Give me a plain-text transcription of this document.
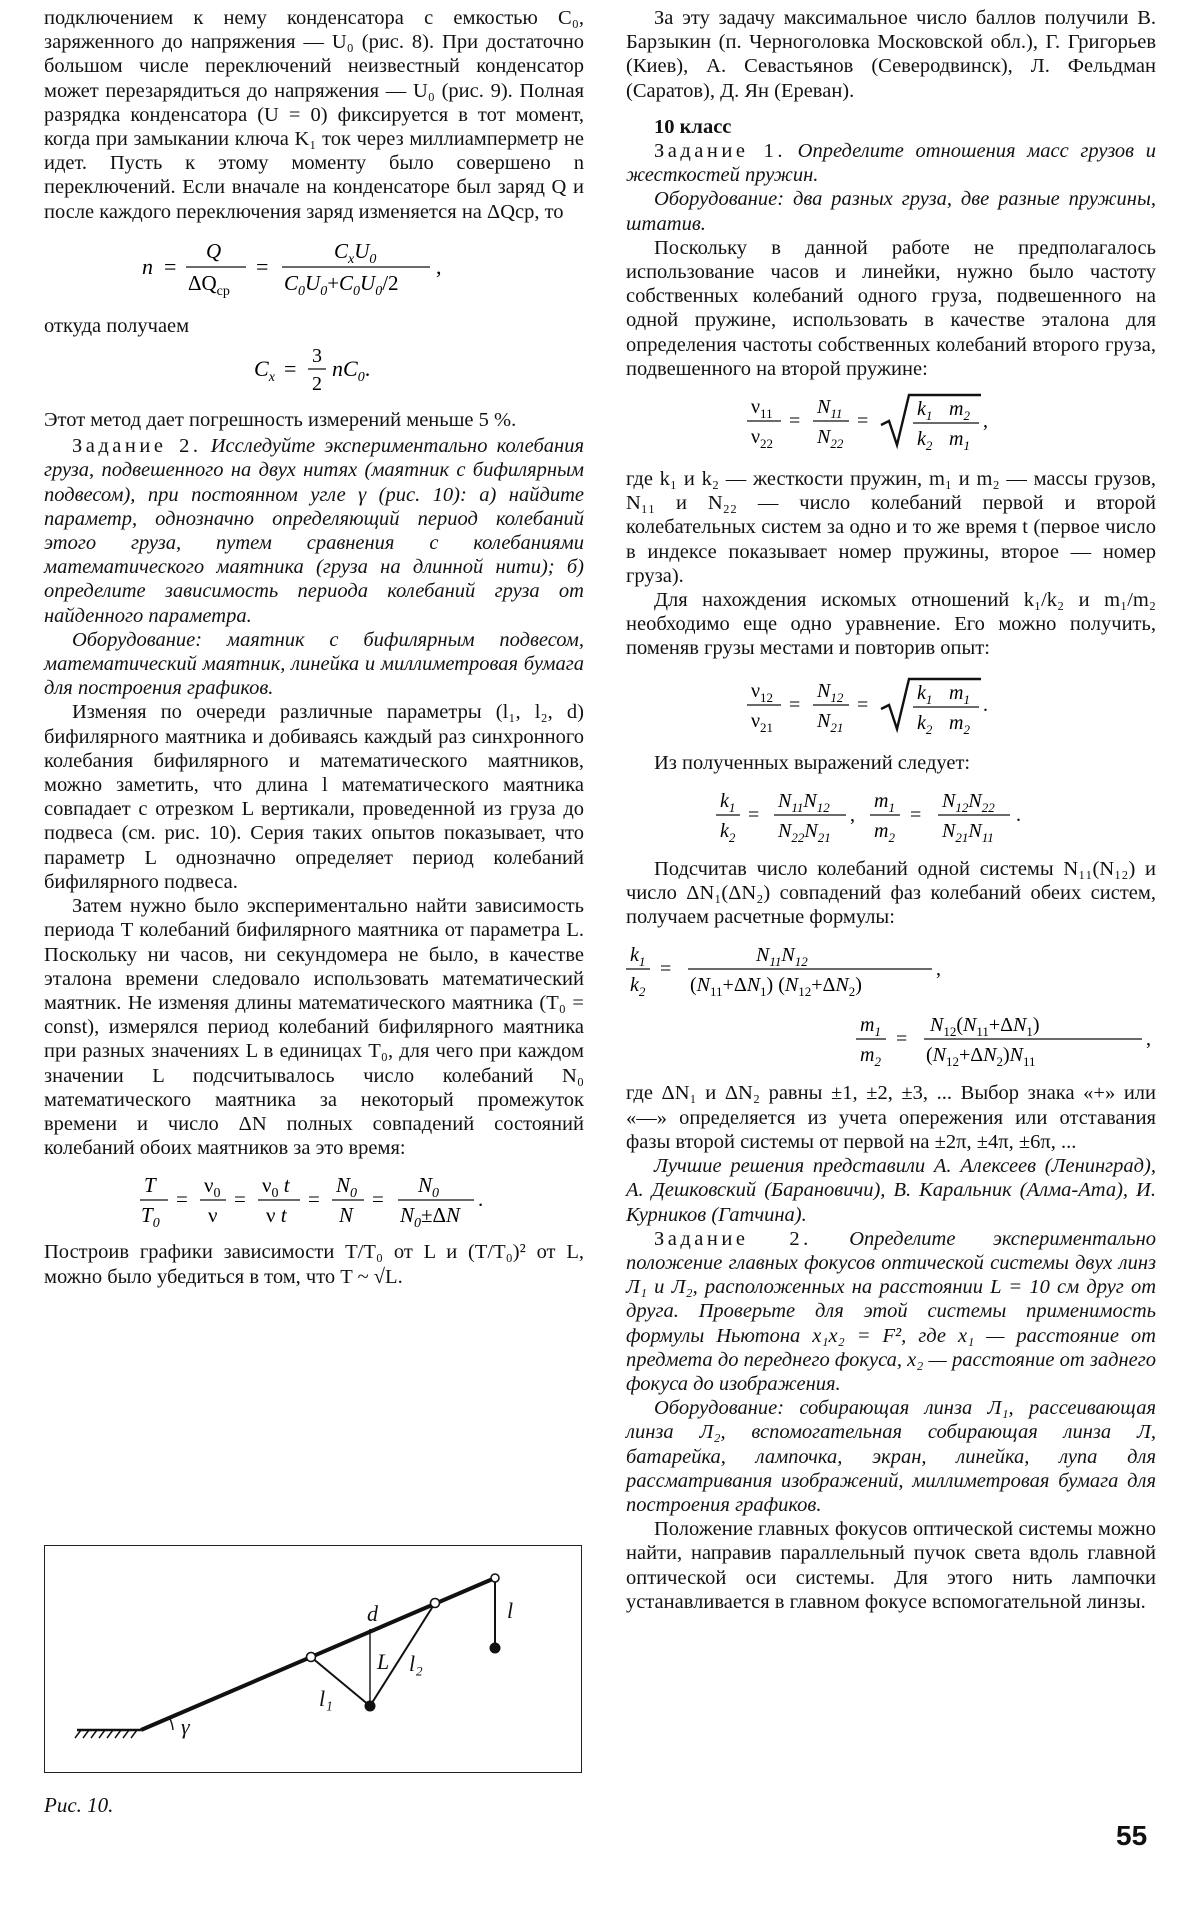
подключением к нему конденсатора с емкостью C₀, заряженного до напряжения — U₀ (рис. 8). При достаточно большом числе переключений неизвестный конденсатор может перезарядиться до напряжения — U₀ (рис. 9). Полная разрядка конденсатора (U = 0) фиксируется в тот момент, когда при замыкании ключа K₁ ток через миллиамперметр не идет. Пусть к этому моменту было совершено n переключений. Если вначале на конденсаторе был заряд Q и после каждого переключения заряд изменяется на ΔQср, то

n =
Q
$\Delta Q_{ср}$
=
$C_xU_0$
$C_0U_0+C_0U_0/2$
,

откуда получаем

$C_x = 3$
2
$nC_0$.

Этот метод дает погрешность измерений меньше 5 %.

Задание 2. Исследуйте экспериментально колебания груза, подвешенного на двух нитях (маятник с бифилярным подвесом), при постоянном угле γ (рис. 10): а) найдите параметр, однозначно определяющий период колебаний этого груза, путем сравнения с колебаниями математического маятника (груза на длинной нити); б) определите зависимость периода колебаний груза от найденного параметра.

Оборудование: маятник с бифилярным подвесом, математический маятник, линейка и миллиметровая бумага для построения графиков.

Изменяя по очереди различные параметры (l₁, l₂, d) бифилярного маятника и добиваясь каждый раз синхронного колебания бифилярного и математического маятников, можно заметить, что длина l математического маятника совпадает с отрезком L вертикали, проведенной из груза до подвеса (см. рис. 10). Серия таких опытов показывает, что параметр L однозначно определяет период колебаний бифилярного подвеса.

Затем нужно было экспериментально найти зависимость периода T колебаний бифилярного маятника от параметра L. Поскольку ни часов, ни секундомера не было, в качестве эталона времени следовало использовать математический маятник. Не изменяя длины математического маятника (T₀ = const), измерялся период колебаний бифилярного маятника при разных значениях L в единицах T₀, для чего при каждом значении L подсчитывалось число колебаний N₀ математического маятника за некоторый промежуток времени и число ΔN полных совпадений состояний колебаний обоих маятников за это время:

T
$T_0$
=
$\nu_0$
ν
=
$\nu_0$ t
ν t
=
$N_0$
N
=
$N_0$
$N_0\pm\Delta N$
.

Построив графики зависимости T/T₀ от L и (T/T₀)² от L, можно было убедиться в том, что T ~ √L.

d
L
l₁
l₂
l
γ
Рис. 10.

За эту задачу максимальное число баллов получили В. Барзыкин (п. Черноголовка Московской обл.), Г. Григорьев (Киев), А. Севастьянов (Северодвинск), Л. Фельдман (Саратов), Д. Ян (Ереван).

10 класс

Задание 1. Определите отношения масс грузов и жесткостей пружин.

Оборудование: два разных груза, две разные пружины, штатив.

Поскольку в данной работе не предполагалось использование часов и линейки, нужно было частоту собственных колебаний одного груза, подвешенного на одной пружине, использовать в качестве эталона для определения частоты собственных колебаний второго груза, подвешенного на второй пружине:

$\nu_{11}$
$\nu_{22}$
=
$N_{11}$
$N_{22}$
=
$k_1$ $m_2$
$k_2$ $m_1$
,

где k₁ и k₂ — жесткости пружин, m₁ и m₂ — массы грузов, N₁₁ и N₂₂ — число колебаний первой и второй колебательных систем за одно и то же время t (первое число в индексе показывает номер пружины, второе — номер груза).

Для нахождения искомых отношений k₁/k₂ и m₁/m₂ необходимо еще одно уравнение. Его можно получить, поменяв грузы местами и повторив опыт:

$\nu_{12}$
$\nu_{21}$
=
$N_{12}$
$N_{21}$
=
$k_1$ $m_1$
$k_2$ $m_2$
.

Из полученных выражений следует:

$k_1$
$k_2$
=
$N_{11}N_{12}$
$N_{22}N_{21}$
,
$m_1$
$m_2$
=
$N_{12}N_{22}$
$N_{21}N_{11}$
.

Подсчитав число колебаний одной системы N₁₁(N₁₂) и число ΔN₁(ΔN₂) совпадений фаз колебаний обеих систем, получаем расчетные формулы:

$k_1$
$k_2$
=
$N_{11}N_{12}$
$(N_{11}+\Delta N_1)$ $(N_{12}+\Delta N_2)$
,
$m_1$
$m_2$
=
$N_{12}(N_{11}+\Delta N_1)$
$(N_{12}+\Delta N_2)N_{11}$
,

где ΔN₁ и ΔN₂ равны ±1, ±2, ±3, ... Выбор знака «+» или «—» определяется из учета опережения или отставания фазы второй системы от первой на ±2π, ±4π, ±6π, ...

Лучшие решения представили А. Алексеев (Ленинград), А. Дешковский (Барановичи), В. Каральник (Алма-Ата), И. Курников (Гатчина).

Задание 2. Определите экспериментально положение главных фокусов оптической системы двух линз Л₁ и Л₂, расположенных на расстоянии L = 10 см друг от друга. Проверьте для этой системы применимость формулы Ньютона x₁x₂ = F², где x₁ — расстояние от предмета до переднего фокуса, x₂ — расстояние от заднего фокуса до изображения.

Оборудование: собирающая линза Л₁, рассеивающая линза Л₂, вспомогательная собирающая линза Л, батарейка, лампочка, экран, линейка, лупа для рассматривания изображений, миллиметровая бумага для построения графиков.

Положение главных фокусов оптической системы можно найти, направив параллельный пучок света вдоль главной оптической оси системы. Для этого нить лампочки устанавливается в главном фокусе вспомогательной линзы.

55
